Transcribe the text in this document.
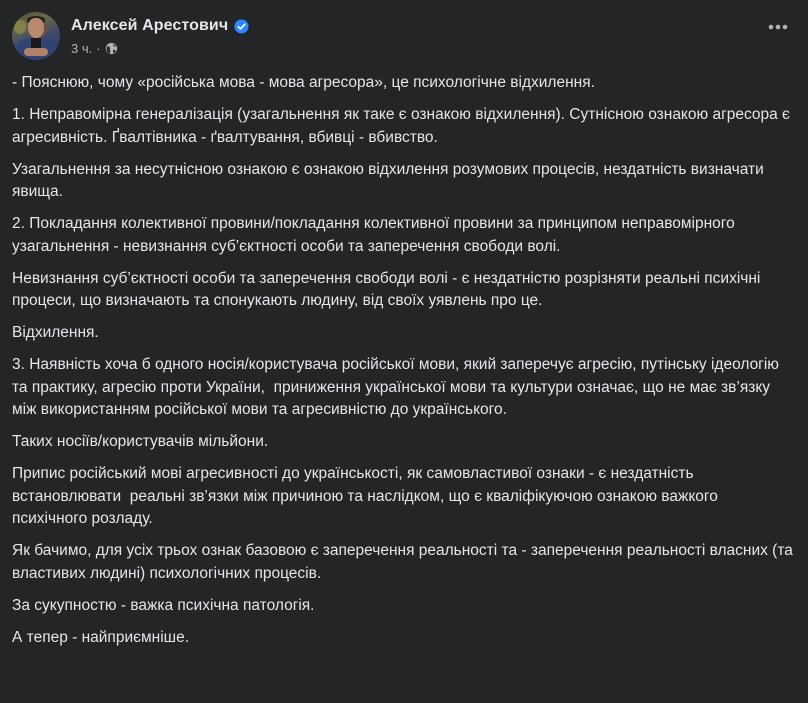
Алексей Арестович
3 ч. ·

- Пояснюю, чому «російська мова - мова агресора», це психологічне відхилення.

1. Неправомірна генералізація (узагальнення як таке є ознакою відхилення). Сутнісною ознакою агресора є агресивність. Ґвалтівника - ґвалтування, вбивці - вбивство.

Узагальнення за несутнісною ознакою є ознакою відхилення розумових процесів, нездатність визначати явища.

2. Покладання колективної провини/покладання колективної провини за принципом неправомірного узагальнення - невизнання суб’єктності особи та заперечення свободи волі.

Невизнання суб’єктності особи та заперечення свободи волі - є нездатністю розрізняти реальні психічні процеси, що визначають та спонукають людину, від своїх уявлень про це.

Відхилення.

3. Наявність хоча б одного носія/користувача російської мови, який заперечує агресію, путінську ідеологію та практику, агресію проти України,  приниження української мови та культури означає, що не має зв’язку між використанням російської мови та агресивністю до українського.

Таких носіїв/користувачів мільйони.

Припис російський мові агресивності до українськості, як самовластивої ознаки - є нездатність встановлювати  реальні зв’язки між причиною та наслідком, що є кваліфікуючою ознакою важкого психічного розладу.

Як бачимо, для усіх трьох ознак базовою є заперечення реальності та - заперечення реальності власних (та властивих людині) психологічних процесів.

За сукупностю - важка психічна патологія.

А тепер - найприємніше.
